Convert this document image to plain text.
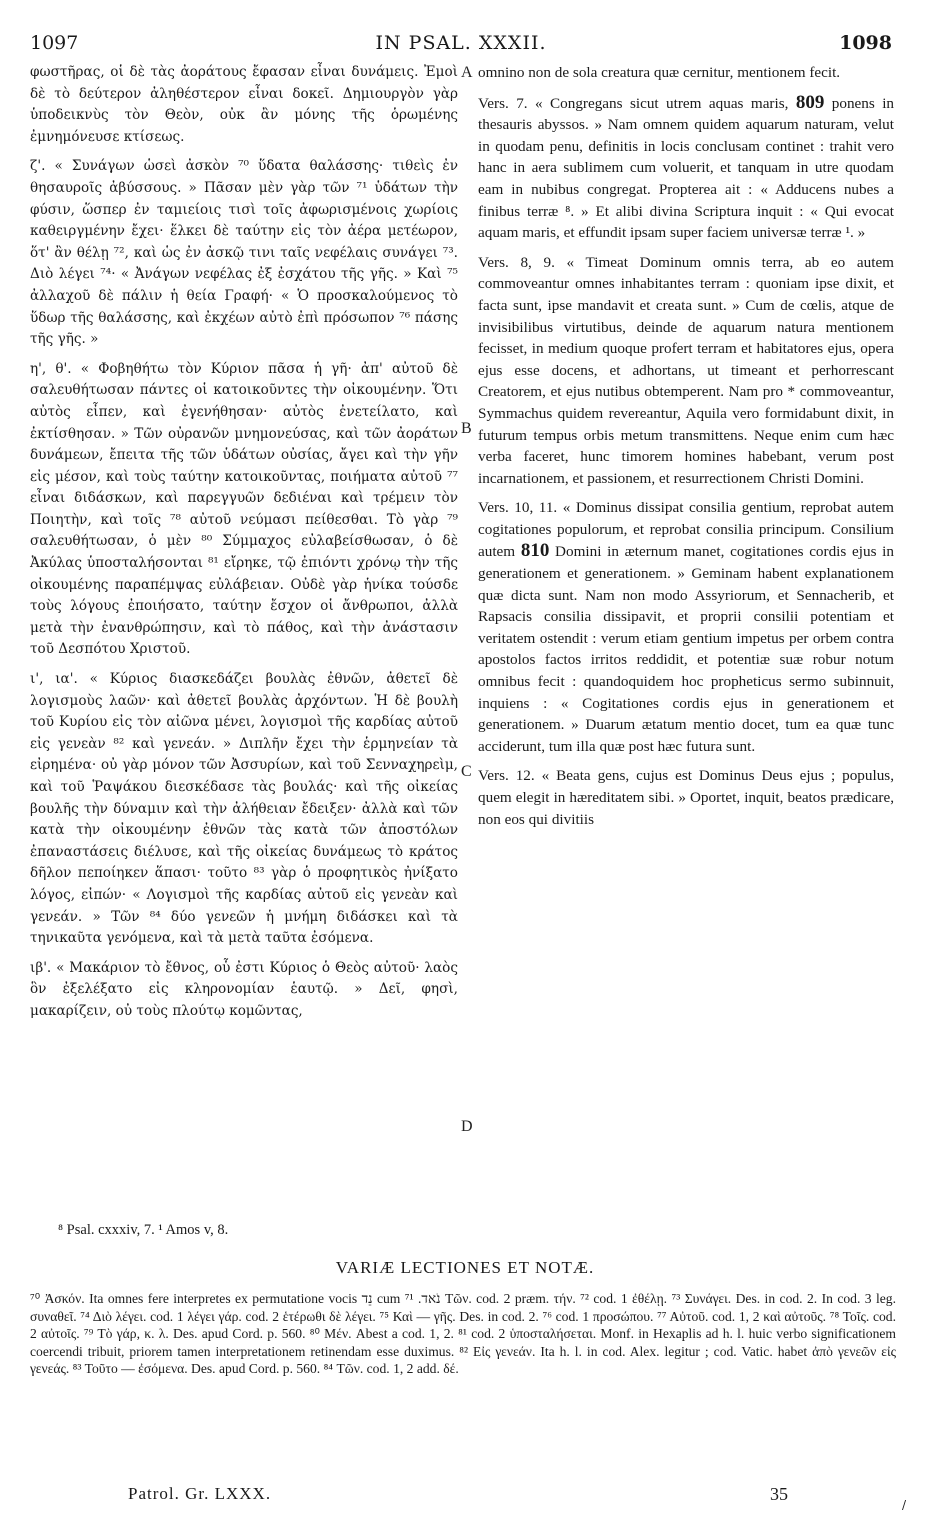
1097	IN PSAL. XXXII.	1098
A
B
C
D

φωστῆρας, οἱ δὲ τὰς ἀοράτους ἔφασαν εἶναι δυνάμεις. Ἐμοὶ δὲ τὸ δεύτερον ἀληθέστερον εἶναι δοκεῖ. Δημιουργὸν γὰρ ὑποδεικνὺς τὸν Θεὸν, οὐκ ἂν μόνης τῆς ὁρωμένης ἐμνημόνευσε κτίσεως.

ζ'. « Συνάγων ὡσεὶ ἀσκὸν ⁷⁰ ὕδατα θαλάσσης· τιθεὶς ἐν θησαυροῖς ἀβύσσους. » Πᾶσαν μὲν γὰρ τῶν ⁷¹ ὑδάτων τὴν φύσιν, ὥσπερ ἐν ταμιείοις τισὶ τοῖς ἀφωρισμένοις χωρίοις καθειργμένην ἔχει· ἕλκει δὲ ταύτην εἰς τὸν ἀέρα μετέωρον, ὅτ' ἂν θέλῃ ⁷², καὶ ὡς ἐν ἀσκῷ τινι ταῖς νεφέλαις συνάγει ⁷³. Διὸ λέγει ⁷⁴· « Ἀνάγων νεφέλας ἐξ ἐσχάτου τῆς γῆς. » Καὶ ⁷⁵ ἀλλαχοῦ δὲ πάλιν ἡ θεία Γραφή· « Ὁ προσκαλούμενος τὸ ὕδωρ τῆς θαλάσσης, καὶ ἐκχέων αὐτὸ ἐπὶ πρόσωπον ⁷⁶ πάσης τῆς γῆς. »

η', θ'. « Φοβηθήτω τὸν Κύριον πᾶσα ἡ γῆ· ἀπ' αὐτοῦ δὲ σαλευθήτωσαν πάντες οἱ κατοικοῦντες τὴν οἰκουμένην. Ὅτι αὐτὸς εἶπεν, καὶ ἐγενήθησαν· αὐτὸς ἐνετείλατο, καὶ ἐκτίσθησαν. » Τῶν οὐρανῶν μνημονεύσας, καὶ τῶν ἀοράτων δυνάμεων, ἔπειτα τῆς τῶν ὑδάτων οὐσίας, ἄγει καὶ τὴν γῆν εἰς μέσον, καὶ τοὺς ταύτην κατοικοῦντας, ποιήματα αὐτοῦ ⁷⁷ εἶναι διδάσκων, καὶ παρεγγυῶν δεδιέναι καὶ τρέμειν τὸν Ποιητὴν, καὶ τοῖς ⁷⁸ αὐτοῦ νεύμασι πείθεσθαι. Τὸ γὰρ ⁷⁹ σαλευθήτωσαν, ὁ μὲν ⁸⁰ Σύμμαχος εὐλαβείσθωσαν, ὁ δὲ Ἀκύλας ὑποσταλήσονται ⁸¹ εἴρηκε, τῷ ἐπιόντι χρόνῳ τὴν τῆς οἰκουμένης παραπέμψας εὐλάβειαν. Οὐδὲ γὰρ ἡνίκα τούσδε τοὺς λόγους ἐποιήσατο, ταύτην ἔσχον οἱ ἄνθρωποι, ἀλλὰ μετὰ τὴν ἐνανθρώπησιν, καὶ τὸ πάθος, καὶ τὴν ἀνάστασιν τοῦ Δεσπότου Χριστοῦ.

ι', ια'. « Κύριος διασκεδάζει βουλὰς ἐθνῶν, ἀθετεῖ δὲ λογισμοὺς λαῶν· καὶ ἀθετεῖ βουλὰς ἀρχόντων. Ἡ δὲ βουλὴ τοῦ Κυρίου εἰς τὸν αἰῶνα μένει, λογισμοὶ τῆς καρδίας αὐτοῦ εἰς γενεὰν ⁸² καὶ γενεάν. » Διπλῆν ἔχει τὴν ἑρμηνείαν τὰ εἰρημένα· οὐ γὰρ μόνον τῶν Ἀσσυρίων, καὶ τοῦ Σενναχηρεὶμ, καὶ τοῦ Ῥαψάκου διεσκέδασε τὰς βουλάς· καὶ τῆς οἰκείας βουλῆς τὴν δύναμιν καὶ τὴν ἀλήθειαν ἔδειξεν· ἀλλὰ καὶ τῶν κατὰ τὴν οἰκουμένην ἐθνῶν τὰς κατὰ τῶν ἀποστόλων ἐπαναστάσεις διέλυσε, καὶ τῆς οἰκείας δυνάμεως τὸ κράτος δῆλον πεποίηκεν ἅπασι· τοῦτο ⁸³ γὰρ ὁ προφητικὸς ἠνίξατο λόγος, εἰπών· « Λογισμοὶ τῆς καρδίας αὐτοῦ εἰς γενεὰν καὶ γενεάν. » Τῶν ⁸⁴ δύο γενεῶν ἡ μνήμη διδάσκει καὶ τὰ τηνικαῦτα γενόμενα, καὶ τὰ μετὰ ταῦτα ἐσόμενα.

ιβ'. « Μακάριον τὸ ἔθνος, οὗ ἐστι Κύριος ὁ Θεὸς αὐτοῦ· λαὸς ὃν ἐξελέξατο εἰς κληρονομίαν ἑαυτῷ. » Δεῖ, φησὶ, μακαρίζειν, οὐ τοὺς πλούτῳ κομῶντας,

omnino non de sola creatura quæ cernitur, mentionem fecit.

Vers. 7. « Congregans sicut utrem aquas maris, 809 ponens in thesauris abyssos. » Nam omnem quidem aquarum naturam, velut in quodam penu, definitis in locis conclusam continet : trahit vero hanc in aera sublimem cum voluerit, et tanquam in utre quodam eam in nubibus congregat. Propterea ait : « Adducens nubes a finibus terræ ⁸. » Et alibi divina Scriptura inquit : « Qui evocat aquam maris, et effundit ipsam super faciem universæ terræ ¹. »

Vers. 8, 9. « Timeat Dominum omnis terra, ab eo autem commoveantur omnes inhabitantes terram : quoniam ipse dixit, et facta sunt, ipse mandavit et creata sunt. » Cum de cœlis, atque de invisibilibus virtutibus, deinde de aquarum natura mentionem fecisset, in medium quoque profert terram et habitatores ejus, opera ejus esse docens, et adhortans, ut timeant et perhorrescant Creatorem, et ejus nutibus obtemperent. Nam pro * commoveantur, Symmachus quidem revereantur, Aquila vero formidabunt dixit, in futurum tempus orbis metum transmittens. Neque enim cum hæc verba faceret, hunc timorem homines habebant, verum post incarnationem, et passionem, et resurrectionem Christi Domini.

Vers. 10, 11. « Dominus dissipat consilia gentium, reprobat autem cogitationes populorum, et reprobat consilia principum. Consilium autem 810 Domini in æternum manet, cogitationes cordis ejus in generationem et generationem. » Geminam habent explanationem quæ dicta sunt. Nam non modo Assyriorum, et Sennacherib, et Rapsacis consilia dissipavit, et proprii consilii potentiam et veritatem ostendit : verum etiam gentium impetus per orbem contra apostolos factos irritos reddidit, et potentiæ suæ robur notum omnibus fecit : quandoquidem hoc propheticus sermo subinnuit, inquiens : « Cogitationes cordis ejus in generationem et generationem. » Duarum ætatum mentio docet, tum ea quæ tunc acciderunt, tum illa quæ post hæc futura sunt.

Vers. 12. « Beata gens, cujus est Dominus Deus ejus ; populus, quem elegit in hæreditatem sibi. » Oportet, inquit, beatos prædicare, non eos qui divitiis

⁸ Psal. cxxxiv, 7. ¹ Amos v, 8.
VARIÆ LECTIONES ET NOTÆ.
⁷⁰ Ἀσκόν. Ita omnes fere interpretes ex permutatione vocis נֵד cum נֹאד. ⁷¹ Τῶν. cod. 2 præm. τήν. ⁷² cod. 1 ἐθέλῃ. ⁷³ Συνάγει. Des. in cod. 2. In cod. 3 leg. συναθεῖ. ⁷⁴ Διὸ λέγει. cod. 1 λέγει γάρ. cod. 2 ἑτέρωθι δὲ λέγει. ⁷⁵ Καὶ — γῆς. Des. in cod. 2. ⁷⁶ cod. 1 προσώπου. ⁷⁷ Αὐτοῦ. cod. 1, 2 καὶ αὐτοῦς. ⁷⁸ Τοῖς. cod. 2 αὐτοῖς. ⁷⁹ Τὸ γάρ, κ. λ. Des. apud Cord. p. 560. ⁸⁰ Μέν. Abest a cod. 1, 2. ⁸¹ cod. 2 ὑποσταλήσεται. Monf. in Hexaplis ad h. l. huic verbo significationem coercendi tribuit, priorem tamen interpretationem retinendam esse duximus. ⁸² Εἰς γενεάν. Ita h. l. in cod. Alex. legitur ; cod. Vatic. habet ἀπὸ γενεῶν εἰς γενεάς. ⁸³ Τοῦτο — ἐσόμενα. Des. apud Cord. p. 560. ⁸⁴ Τῶν. cod. 1, 2 add. δέ.
Patrol. Gr. LXXX.	35
/
